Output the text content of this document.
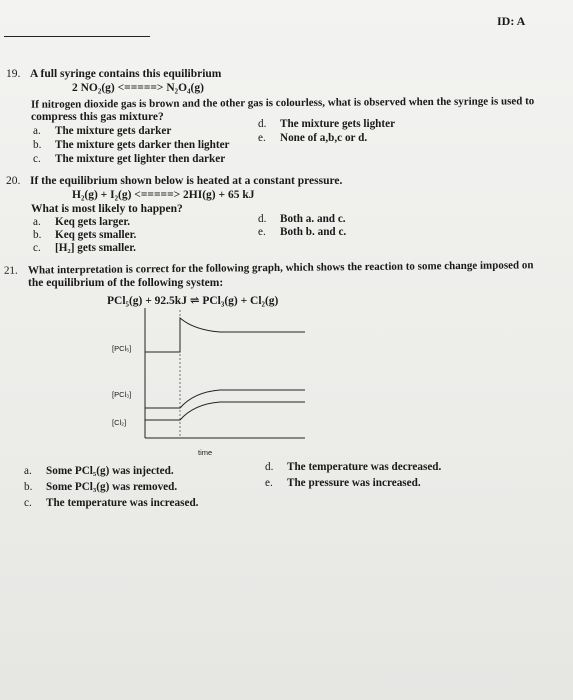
ID: A
19. A full syringe contains this equilibrium
2 NO₂(g) <=====> N₂O₄(g)
If nitrogen dioxide gas is brown and the other gas is colourless, what is observed when the syringe is used to
compress this gas mixture?
a. The mixture gets darker
b. The mixture gets darker then lighter
c. The mixture get lighter then darker
d. The mixture gets lighter
e. None of a,b,c or d.
20. If the equilibrium shown below is heated at a constant pressure.
H₂(g) + I₂(g) <=====> 2HI(g) + 65 kJ
What is most likely to happen?
a. Keq gets larger.
b. Keq gets smaller.
c. [H₂] gets smaller.
d. Both a. and c.
e. Both b. and c.
21. What interpretation is correct for the following graph, which shows the reaction to some change imposed on
the equilibrium of the following system:
PCl₅(g) + 92.5kJ ⇌ PCl₃(g) + Cl₂(g)
[PCl₅]
[PCl₃]
[Cl₂]
time
a. Some PCl₅(g) was injected.
b. Some PCl₃(g) was removed.
c. The temperature was increased.
d. The temperature was decreased.
e. The pressure was increased.
